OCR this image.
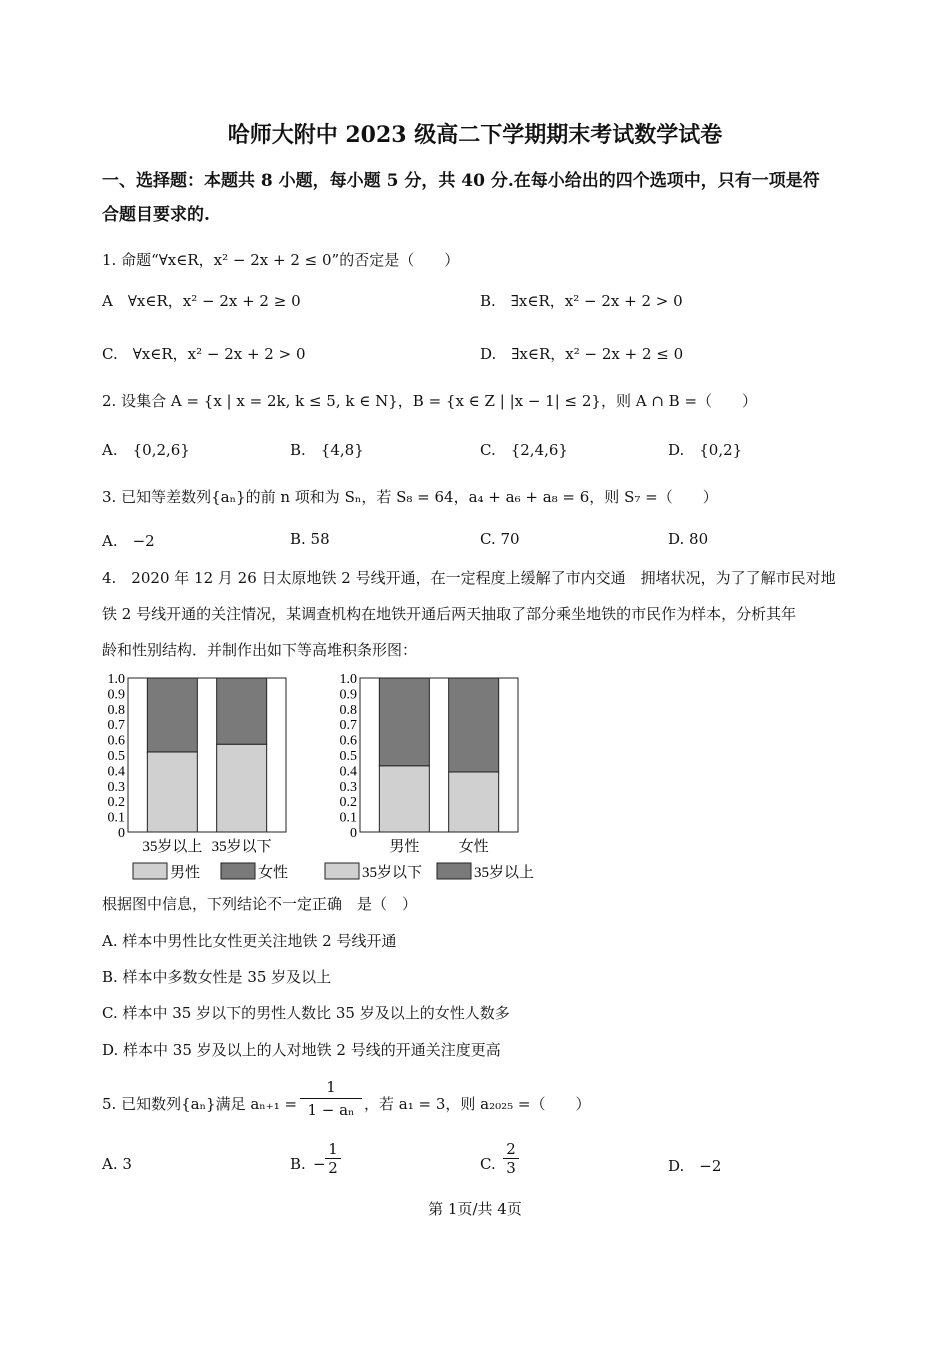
哈师大附中 2023 级高二下学期期末考试数学试卷
一、选择题：本题共 8 小题，每小题 5 分，共 40 分.在每小给出的四个选项中，只有一项是符
合题目要求的.
1. 命题“∀x∈R，x² − 2x + 2 ≤ 0”的否定是（　　）
A　∀x∈R，x² − 2x + 2 ≥ 0	B.　∃x∈R，x² − 2x + 2 > 0
C.　∀x∈R，x² − 2x + 2 > 0	D.　∃x∈R，x² − 2x + 2 ≤ 0
2. 设集合 A = {x | x = 2k, k ≤ 5, k ∈ N}，B = {x ∈ Z | |x − 1| ≤ 2}，则 A ∩ B =（　　）
A.　{0,2,6}	B.　{4,8}	C.　{2,4,6}	D.　{0,2}
3. 已知等差数列{aₙ}的前 n 项和为 Sₙ，若 S₈ = 64，a₄ + a₆ + a₈ = 6，则 S₇ =（　　）
A.　−2	B. 58	C. 70	D. 80
4.　2020 年 12 月 26 日太原地铁 2 号线开通，在一定程度上缓解了市内交通　拥堵状况，为了了解市民对地
铁 2 号线开通的关注情况，某调查机构在地铁开通后两天抽取了部分乘坐地铁的市民作为样本，分析其年
龄和性别结构．并制作出如下等高堆积条形图：
1.0
0.9
0.8
0.7
0.6
0.5
0.4
0.3
0.2
0.1
0
35岁以上 35岁以下
男性	女性
1.0
0.9
0.8
0.7
0.6
0.5
0.4
0.3
0.2
0.1
0
男性	女性
35岁以下	35岁以上
根据图中信息，下列结论不一定正确　是（　）
A. 样本中男性比女性更关注地铁 2 号线开通
B. 样本中多数女性是 35 岁及以上
C. 样本中 35 岁以下的男性人数比 35 岁及以上的女性人数多
D. 样本中 35 岁及以上的人对地铁 2 号线的开通关注度更高
5. 已知数列{aₙ}满足 $a_{n+1} = \frac{1}{\text{1 − aₙ}}$ ，若 a₁ = 3，则 a₂₀₂₅ =（　　）
A. 3	B. − $\frac{1}{2}$	C. $\frac{2}{3}$	D.　−2
第 1页/共 4页
